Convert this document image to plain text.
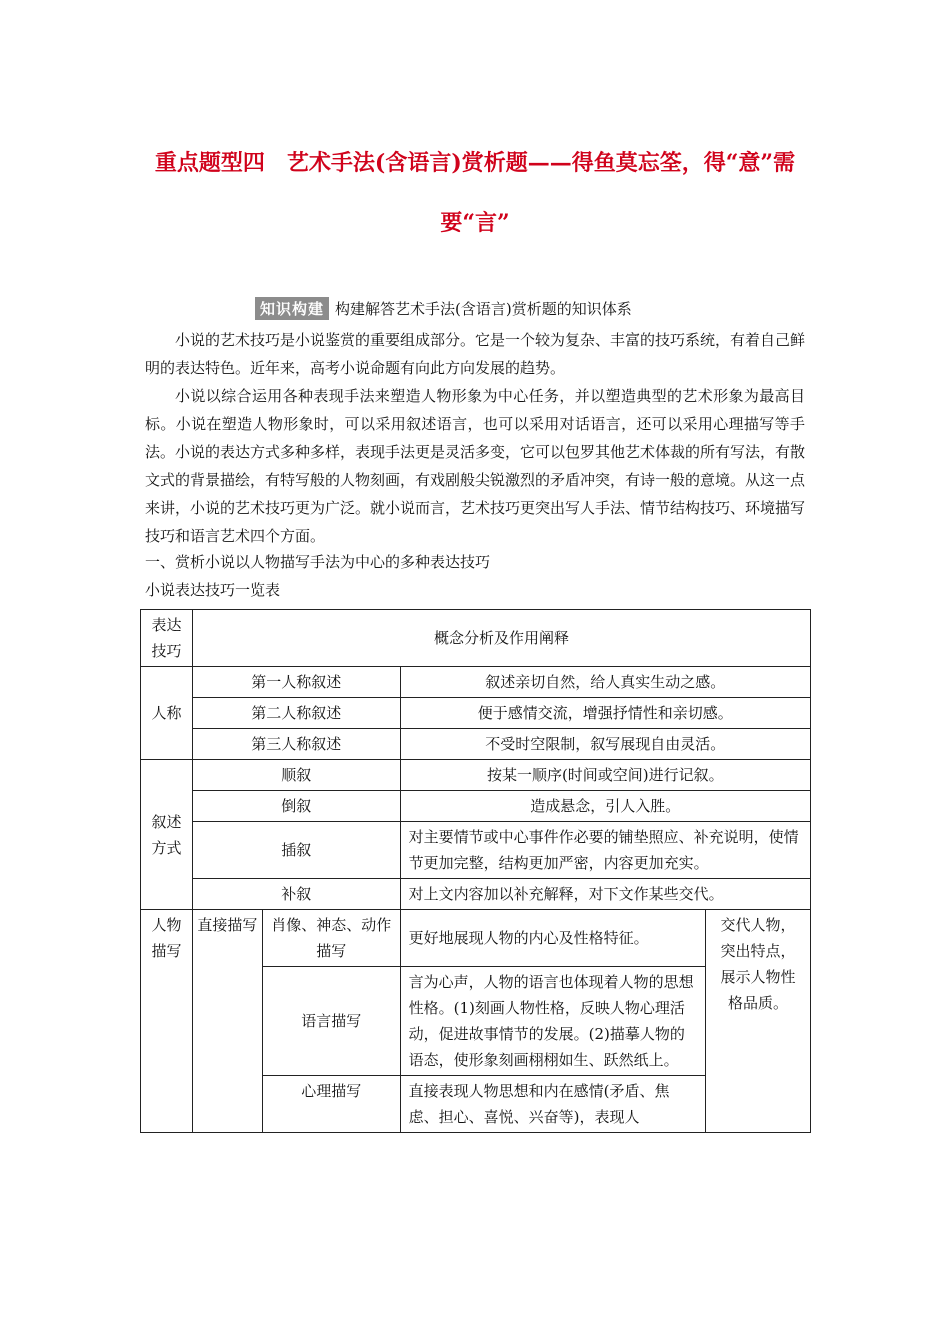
重点题型四　艺术手法(含语言)赏析题——得鱼莫忘筌，得“意”需
要“言”
知识构建 构建解答艺术手法(含语言)赏析题的知识体系
小说的艺术技巧是小说鉴赏的重要组成部分。它是一个较为复杂、丰富的技巧系统，有着自己鲜明的表达特色。近年来，高考小说命题有向此方向发展的趋势。
小说以综合运用各种表现手法来塑造人物形象为中心任务，并以塑造典型的艺术形象为最高目标。小说在塑造人物形象时，可以采用叙述语言，也可以采用对话语言，还可以采用心理描写等手法。小说的表达方式多种多样，表现手法更是灵活多变，它可以包罗其他艺术体裁的所有写法，有散文式的背景描绘，有特写般的人物刻画，有戏剧般尖锐激烈的矛盾冲突，有诗一般的意境。从这一点来讲，小说的艺术技巧更为广泛。就小说而言，艺术技巧更突出写人手法、情节结构技巧、环境描写技巧和语言艺术四个方面。
一、赏析小说以人物描写手法为中心的多种表达技巧
小说表达技巧一览表
表达技巧	概念分析及作用阐释			
人称	第一人称叙述		叙述亲切自然，给人真实生动之感。	
	第二人称叙述		便于感情交流，增强抒情性和亲切感。	
	第三人称叙述		不受时空限制，叙写展现自由灵活。	
叙述方式	顺叙		按某一顺序(时间或空间)进行记叙。	
	倒叙		造成悬念，引人入胜。	
	插叙		对主要情节或中心事件作必要的铺垫照应、补充说明，使情节更加完整，结构更加严密，内容更加充实。	
	补叙		对上文内容加以补充解释，对下文作某些交代。	
人物描写	直接描写	肖像、神态、动作描写	更好地展现人物的内心及性格特征。	交代人物，突出特点，展示人物性格品质。
		语言描写	言为心声，人物的语言也体现着人物的思想性格。(1)刻画人物性格，反映人物心理活动，促进故事情节的发展。(2)描摹人物的语态，使形象刻画栩栩如生、跃然纸上。	
		心理描写	直接表现人物思想和内在感情(矛盾、焦虑、担心、喜悦、兴奋等)，表现人	
